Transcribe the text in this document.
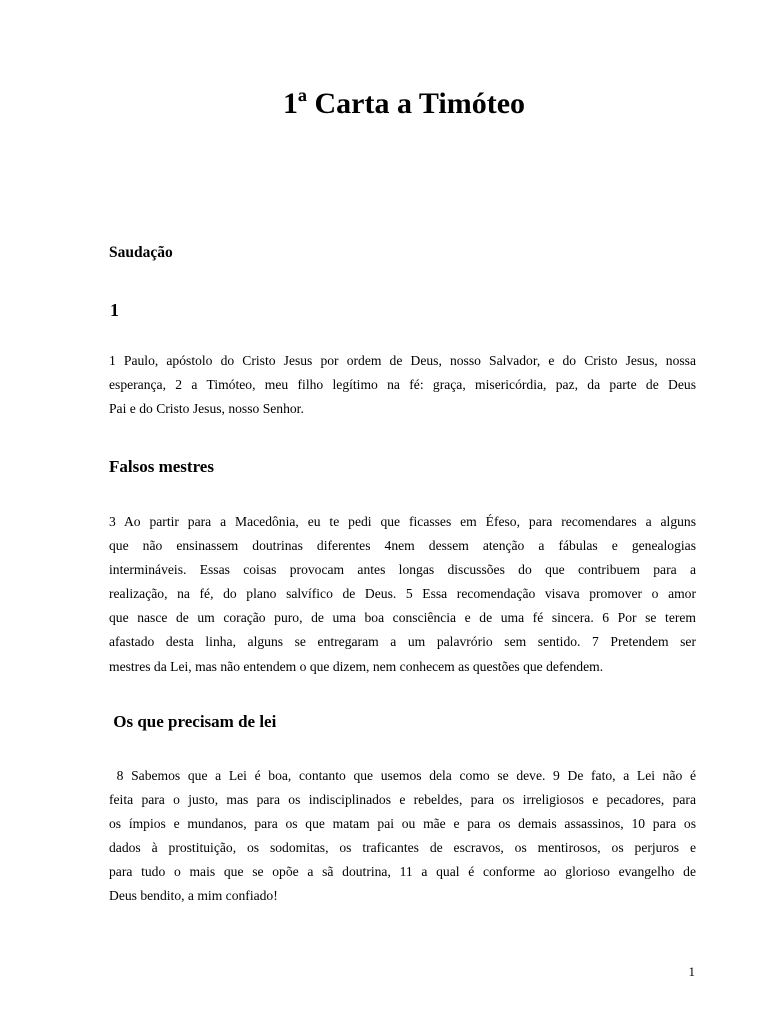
1ª Carta a Timóteo
Saudação
1
1 Paulo, apóstolo do Cristo Jesus por ordem de Deus, nosso Salvador, e do Cristo Jesus, nossa
esperança, 2 a Timóteo, meu filho legítimo na fé: graça, misericórdia, paz, da parte de Deus
Pai e do Cristo Jesus, nosso Senhor.
Falsos mestres
3 Ao partir para a Macedônia, eu te pedi que ficasses em Éfeso, para recomendares a alguns
que não ensinassem doutrinas diferentes 4nem dessem atenção a fábulas e genealogias
intermináveis. Essas coisas provocam antes longas discussões do que contribuem para a
realização, na fé, do plano salvífico de Deus. 5 Essa recomendação visava promover o amor
que nasce de um coração puro, de uma boa consciência e de uma fé sincera. 6 Por se terem
afastado desta linha, alguns se entregaram a um palavrório sem sentido. 7 Pretendem ser
mestres da Lei, mas não entendem o que dizem, nem conhecem as questões que defendem.
Os que precisam de lei
8 Sabemos que a Lei é boa, contanto que usemos dela como se deve. 9 De fato, a Lei não é
feita para o justo, mas para os indisciplinados e rebeldes, para os irreligiosos e pecadores, para
os ímpios e mundanos, para os que matam pai ou mãe e para os demais assassinos, 10 para os
dados à prostituição, os sodomitas, os traficantes de escravos, os mentirosos, os perjuros e
para tudo o mais que se opõe a sã doutrina, 11 a qual é conforme ao glorioso evangelho de
Deus bendito, a mim confiado!
1
